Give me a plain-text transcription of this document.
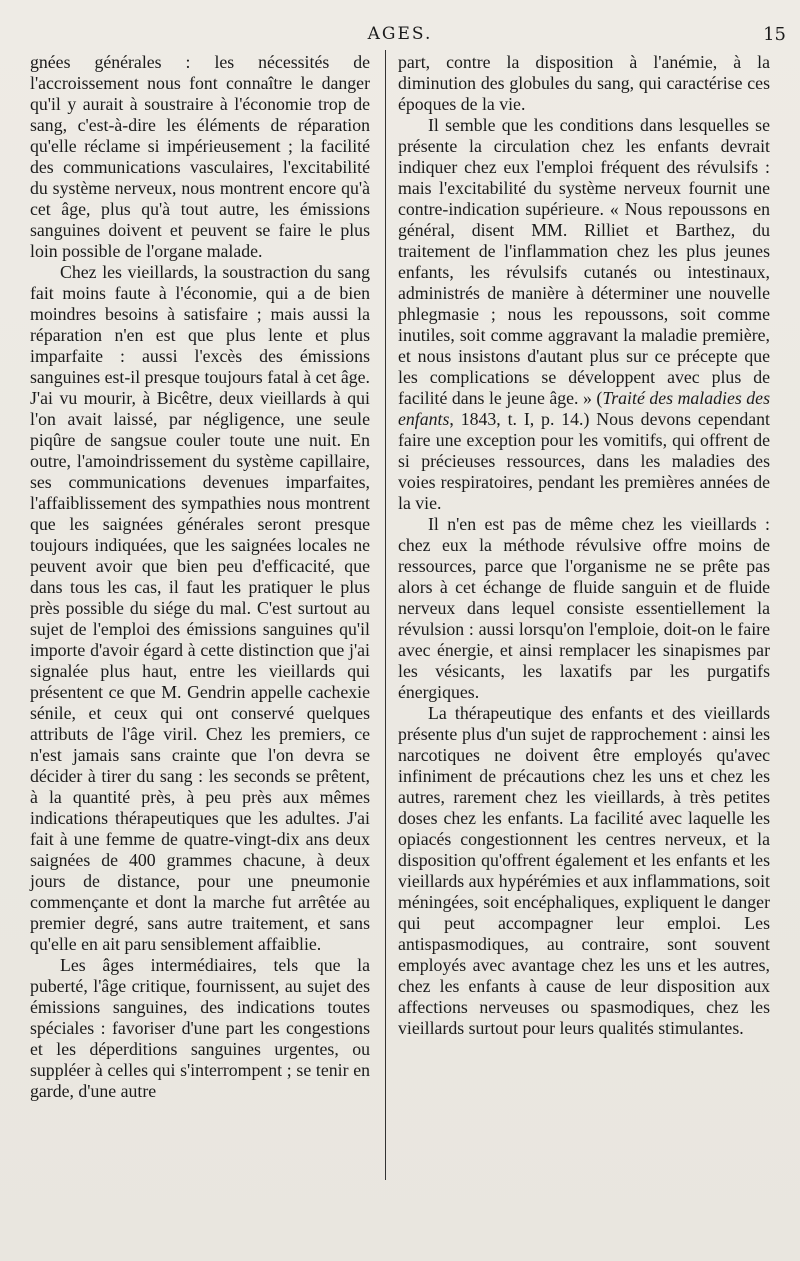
AGES.	15

gnées générales : les nécessités de l'accroissement nous font connaître le danger qu'il y aurait à soustraire à l'économie trop de sang, c'est-à-dire les éléments de réparation qu'elle réclame si impérieusement ; la facilité des communications vasculaires, l'excitabilité du système nerveux, nous montrent encore qu'à cet âge, plus qu'à tout autre, les émissions sanguines doivent et peuvent se faire le plus loin possible de l'organe malade.

Chez les vieillards, la soustraction du sang fait moins faute à l'économie, qui a de bien moindres besoins à satisfaire ; mais aussi la réparation n'en est que plus lente et plus imparfaite : aussi l'excès des émissions sanguines est-il presque toujours fatal à cet âge. J'ai vu mourir, à Bicêtre, deux vieillards à qui l'on avait laissé, par négligence, une seule piqûre de sangsue couler toute une nuit. En outre, l'amoindrissement du système capillaire, ses communications devenues imparfaites, l'affaiblissement des sympathies nous montrent que les saignées générales seront presque toujours indiquées, que les saignées locales ne peuvent avoir que bien peu d'efficacité, que dans tous les cas, il faut les pratiquer le plus près possible du siége du mal. C'est surtout au sujet de l'emploi des émissions sanguines qu'il importe d'avoir égard à cette distinction que j'ai signalée plus haut, entre les vieillards qui présentent ce que M. Gendrin appelle cachexie sénile, et ceux qui ont conservé quelques attributs de l'âge viril. Chez les premiers, ce n'est jamais sans crainte que l'on devra se décider à tirer du sang : les seconds se prêtent, à la quantité près, à peu près aux mêmes indications thérapeutiques que les adultes. J'ai fait à une femme de quatre-vingt-dix ans deux saignées de 400 grammes chacune, à deux jours de distance, pour une pneumonie commençante et dont la marche fut arrêtée au premier degré, sans autre traitement, et sans qu'elle en ait paru sensiblement affaiblie.

Les âges intermédiaires, tels que la puberté, l'âge critique, fournissent, au sujet des émissions sanguines, des indications toutes spéciales : favoriser d'une part les congestions et les déperditions sanguines urgentes, ou suppléer à celles qui s'interrompent ; se tenir en garde, d'une autre

part, contre la disposition à l'anémie, à la diminution des globules du sang, qui caractérise ces époques de la vie.

Il semble que les conditions dans lesquelles se présente la circulation chez les enfants devrait indiquer chez eux l'emploi fréquent des révulsifs : mais l'excitabilité du système nerveux fournit une contre-indication supérieure. « Nous repoussons en général, disent MM. Rilliet et Barthez, du traitement de l'inflammation chez les plus jeunes enfants, les révulsifs cutanés ou intestinaux, administrés de manière à déterminer une nouvelle phlegmasie ; nous les repoussons, soit comme inutiles, soit comme aggravant la maladie première, et nous insistons d'autant plus sur ce précepte que les complications se développent avec plus de facilité dans le jeune âge. » (Traité des maladies des enfants, 1843, t. I, p. 14.) Nous devons cependant faire une exception pour les vomitifs, qui offrent de si précieuses ressources, dans les maladies des voies respiratoires, pendant les premières années de la vie.

Il n'en est pas de même chez les vieillards : chez eux la méthode révulsive offre moins de ressources, parce que l'organisme ne se prête pas alors à cet échange de fluide sanguin et de fluide nerveux dans lequel consiste essentiellement la révulsion : aussi lorsqu'on l'emploie, doit-on le faire avec énergie, et ainsi remplacer les sinapismes par les vésicants, les laxatifs par les purgatifs énergiques.

La thérapeutique des enfants et des vieillards présente plus d'un sujet de rapprochement : ainsi les narcotiques ne doivent être employés qu'avec infiniment de précautions chez les uns et chez les autres, rarement chez les vieillards, à très petites doses chez les enfants. La facilité avec laquelle les opiacés congestionnent les centres nerveux, et la disposition qu'offrent également et les enfants et les vieillards aux hypérémies et aux inflammations, soit méningées, soit encéphaliques, expliquent le danger qui peut accompagner leur emploi. Les antispasmodiques, au contraire, sont souvent employés avec avantage chez les uns et les autres, chez les enfants à cause de leur disposition aux affections nerveuses ou spasmodiques, chez les vieillards surtout pour leurs qualités stimulantes.
